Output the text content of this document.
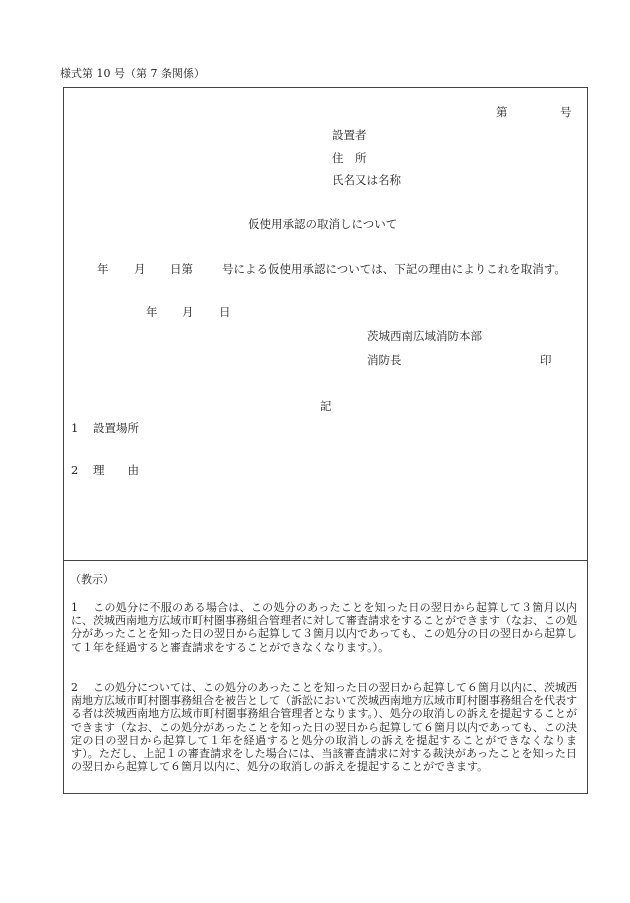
様式第 10 号（第 7 条関係）
第	号
設置者
住　所
氏名又は名称
仮使用承認の取消しについて
年 月 日第	号による仮使用承認については、下記の理由によりこれを取消す。
年 月 日
茨城西南広域消防本部
消防長	印
記
1 設置場所
2 理　　由
（教示）
1 この処分に不服のある場合は、この処分のあったことを知った日の翌日から起算して３箇月以内に、茨城西南地方広域市町村圏事務組合管理者に対して審査請求をすることができます（なお、この処分があったことを知った日の翌日から起算して３箇月以内であっても、この処分の日の翌日から起算して１年を経過すると審査請求をすることができなくなります。）。
2 この処分については、この処分のあったことを知った日の翌日から起算して６箇月以内に、茨城西南地方広域市町村圏事務組合を被告として（訴訟において茨城西南地方広域市町村圏事務組合を代表する者は茨城西南地方広域市町村圏事務組合管理者となります。）、処分の取消しの訴えを提起することができます（なお、この処分があったことを知った日の翌日から起算して６箇月以内であっても、この決定の日の翌日から起算して１年を経過すると処分の取消しの訴えを提起することができなくなります）。ただし、上記１の審査請求をした場合には、当該審査請求に対する裁決があったことを知った日の翌日から起算して６箇月以内に、処分の取消しの訴えを提起することができます。
